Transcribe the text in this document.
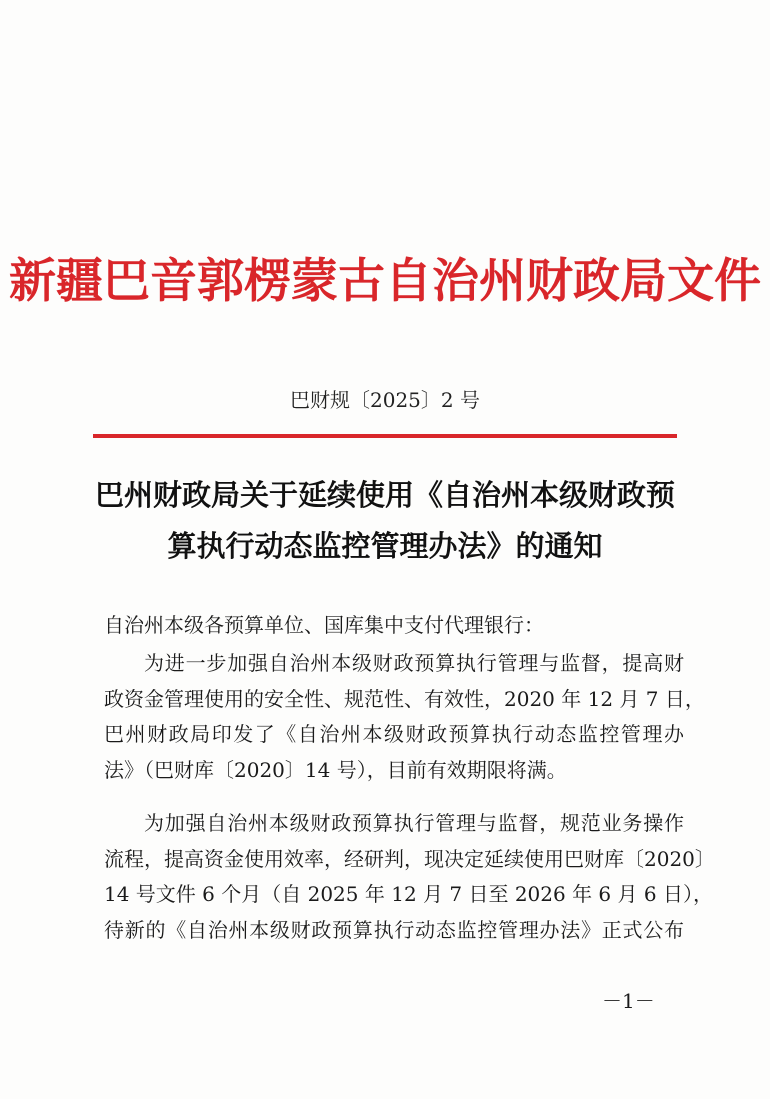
新疆巴音郭楞蒙古自治州财政局文件
巴财规〔2025〕2 号
巴州财政局关于延续使用《自治州本级财政预
算执行动态监控管理办法》的通知
自治州本级各预算单位、国库集中支付代理银行：
为进一步加强自治州本级财政预算执行管理与监督，提高财
政资金管理使用的安全性、规范性、有效性，2020 年 12 月 7 日，
巴州财政局印发了《自治州本级财政预算执行动态监控管理办
法》（巴财库〔2020〕14 号），目前有效期限将满。
为加强自治州本级财政预算执行管理与监督，规范业务操作
流程，提高资金使用效率，经研判，现决定延续使用巴财库〔2020〕
14 号文件 6 个月（自 2025 年 12 月 7 日至 2026 年 6 月 6 日），
待新的《自治州本级财政预算执行动态监控管理办法》正式公布
－1－
